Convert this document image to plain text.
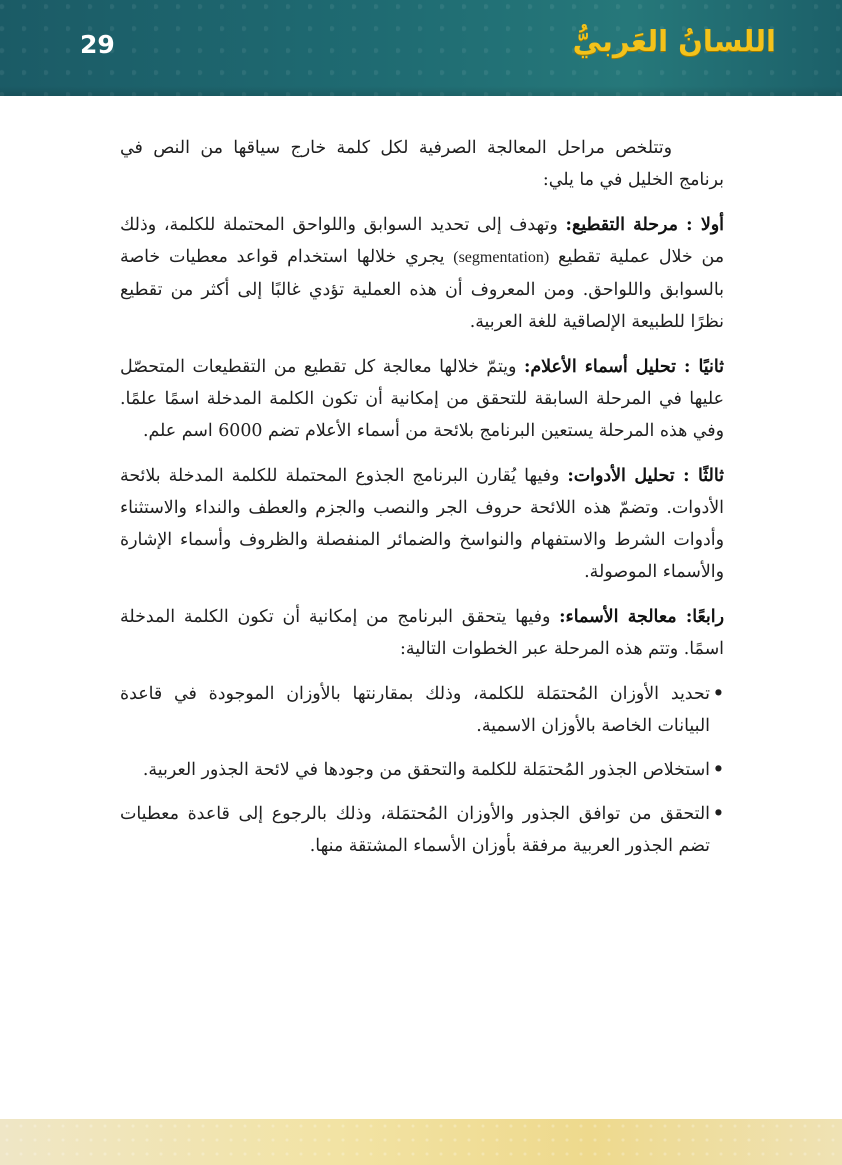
29	اللسانُ العَربيُّ

وتتلخص مراحل المعالجة الصرفية لكل كلمة خارج سياقها من النص في برنامج الخليل في ما يلي:

أولا : مرحلة التقطيع: وتهدف إلى تحديد السوابق واللواحق المحتملة للكلمة، وذلك من خلال عملية تقطيع (segmentation) يجري خلالها استخدام قواعد معطيات خاصة بالسوابق واللواحق. ومن المعروف أن هذه العملية تؤدي غالبًا إلى أكثر من تقطيع نظرًا للطبيعة الإلصاقية للغة العربية.

ثانيًا : تحليل أسماء الأعلام: ويتمّ خلالها معالجة كل تقطيع من التقطيعات المتحصّل عليها في المرحلة السابقة للتحقق من إمكانية أن تكون الكلمة المدخلة اسمًا علمًا. وفي هذه المرحلة يستعين البرنامج بلائحة من أسماء الأعلام تضم 6000 اسم علم.

ثالثًا : تحليل الأدوات: وفيها يُقارن البرنامج الجذوع المحتملة للكلمة المدخلة بلائحة الأدوات. وتضمّ هذه اللائحة حروف الجر والنصب والجزم والعطف والنداء والاستثناء وأدوات الشرط والاستفهام والنواسخ والضمائر المنفصلة والظروف وأسماء الإشارة والأسماء الموصولة.

رابعًا: معالجة الأسماء: وفيها يتحقق البرنامج من إمكانية أن تكون الكلمة المدخلة اسمًا. وتتم هذه المرحلة عبر الخطوات التالية:

•
تحديد الأوزان المُحتمَلة للكلمة، وذلك بمقارنتها بالأوزان الموجودة في قاعدة البيانات الخاصة بالأوزان الاسمية.
•
استخلاص الجذور المُحتمَلة للكلمة والتحقق من وجودها في لائحة الجذور العربية.
•
التحقق من توافق الجذور والأوزان المُحتمَلة، وذلك بالرجوع إلى قاعدة معطيات تضم الجذور العربية مرفقة بأوزان الأسماء المشتقة منها.
